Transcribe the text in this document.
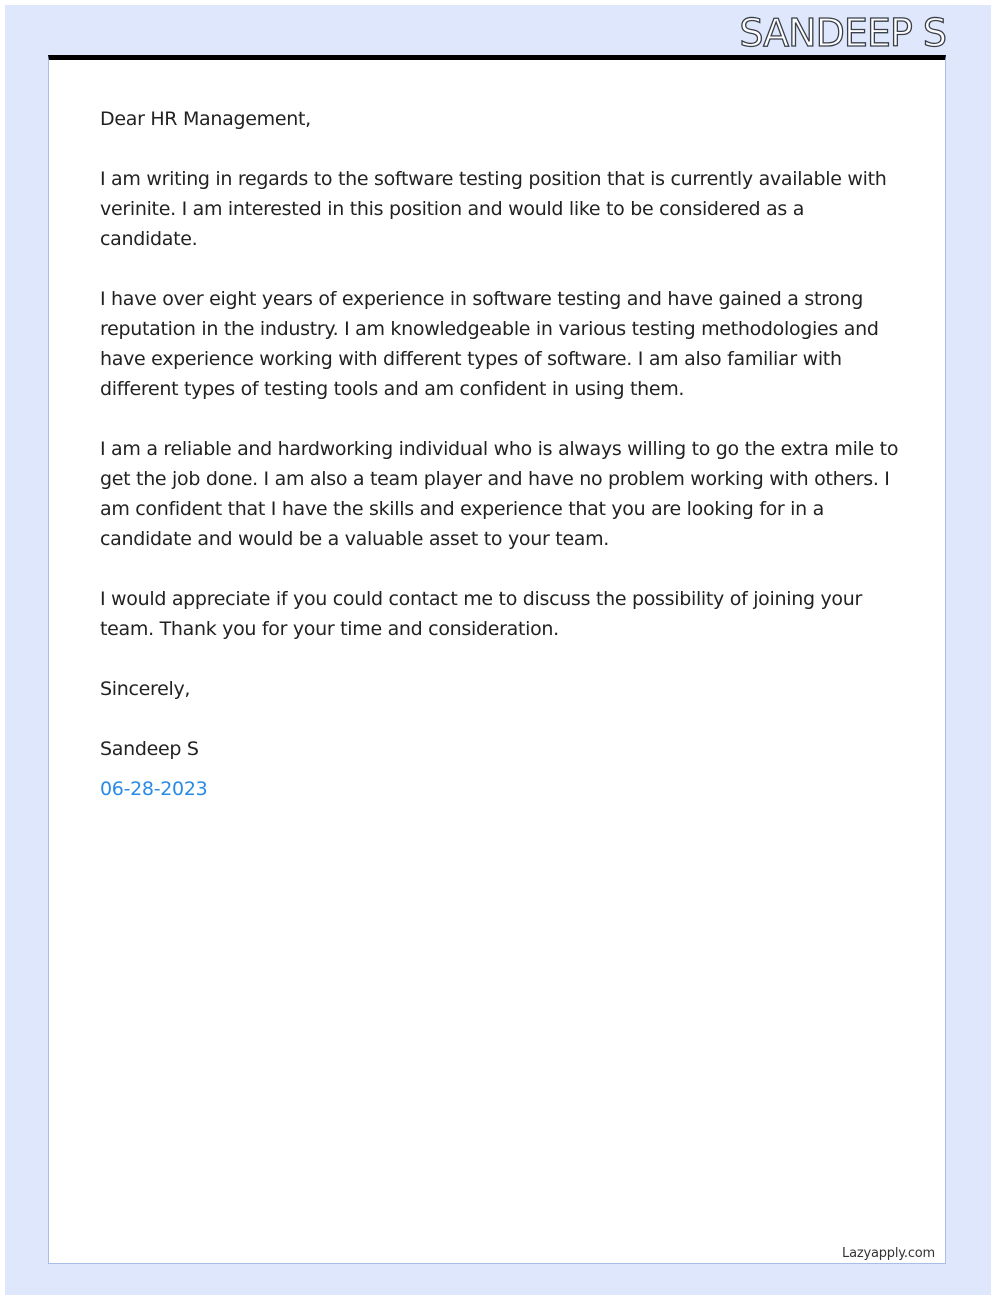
SANDEEP S

Dear HR Management,

I am writing in regards to the software testing position that is currently available with verinite. I am interested in this position and would like to be considered as a candidate.

I have over eight years of experience in software testing and have gained a strong reputation in the industry. I am knowledgeable in various testing methodologies and have experience working with different types of software. I am also familiar with different types of testing tools and am confident in using them.

I am a reliable and hardworking individual who is always willing to go the extra mile to get the job done. I am also a team player and have no problem working with others. I am confident that I have the skills and experience that you are looking for in a candidate and would be a valuable asset to your team.

I would appreciate if you could contact me to discuss the possibility of joining your team. Thank you for your time and consideration.

Sincerely,

Sandeep S

06-28-2023

Lazyapply.com
